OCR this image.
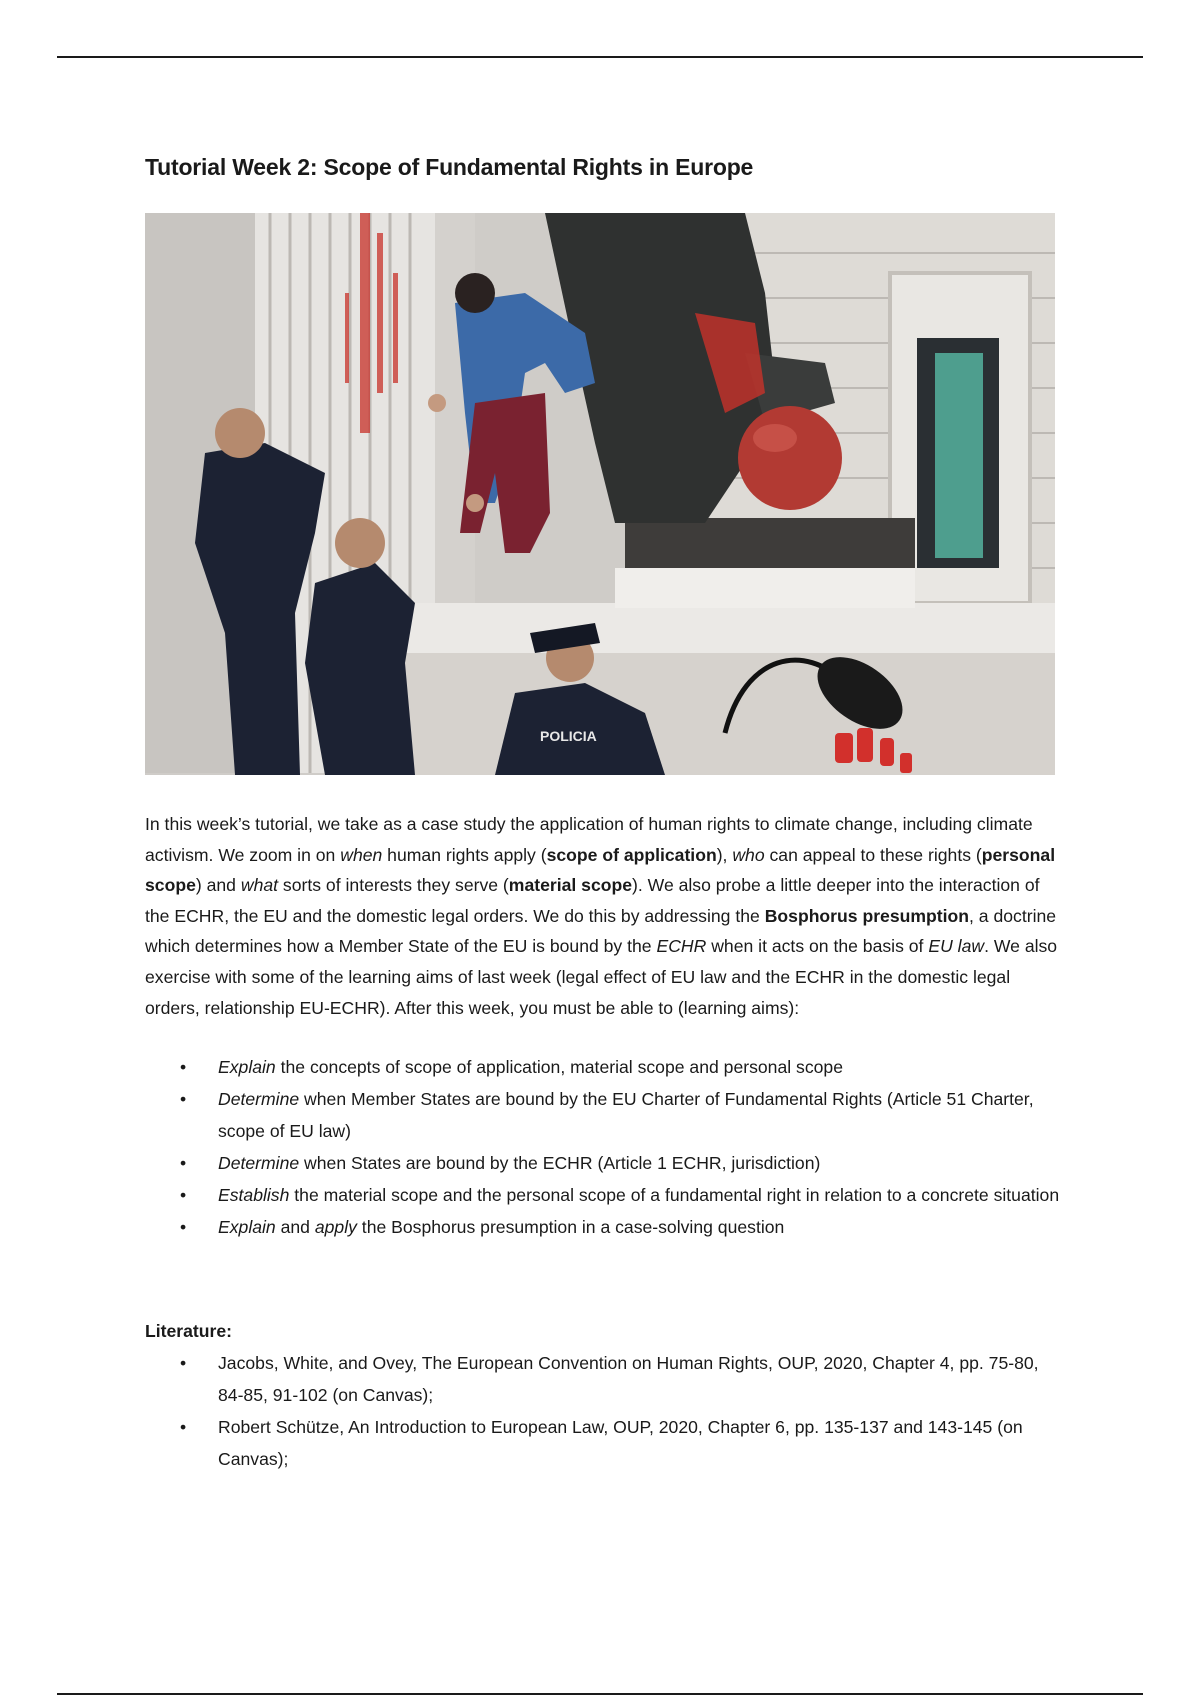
Tutorial Week 2: Scope of Fundamental Rights in Europe
POLICIA

In this week’s tutorial, we take as a case study the application of human rights to climate change, including climate activism. We zoom in on when human rights apply (scope of application), who can appeal to these rights (personal scope) and what sorts of interests they serve (material scope). We also probe a little deeper into the interaction of the ECHR, the EU and the domestic legal orders. We do this by addressing the Bosphorus presumption, a doctrine which determines how a Member State of the EU is bound by the ECHR when it acts on the basis of EU law. We also exercise with some of the learning aims of last week (legal effect of EU law and the ECHR in the domestic legal orders, relationship EU-ECHR). After this week, you must be able to (learning aims):

• Explain the concepts of scope of application, material scope and personal scope
• Determine when Member States are bound by the EU Charter of Fundamental Rights (Article 51 Charter, scope of EU law)
• Determine when States are bound by the ECHR (Article 1 ECHR, jurisdiction)
• Establish the material scope and the personal scope of a fundamental right in relation to a concrete situation
• Explain and apply the Bosphorus presumption in a case-solving question
Literature:
• Jacobs, White, and Ovey, The European Convention on Human Rights, OUP, 2020, Chapter 4, pp. 75-80, 84-85, 91-102 (on Canvas);
• Robert Schütze, An Introduction to European Law, OUP, 2020, Chapter 6, pp. 135-137 and 143-145 (on Canvas);
